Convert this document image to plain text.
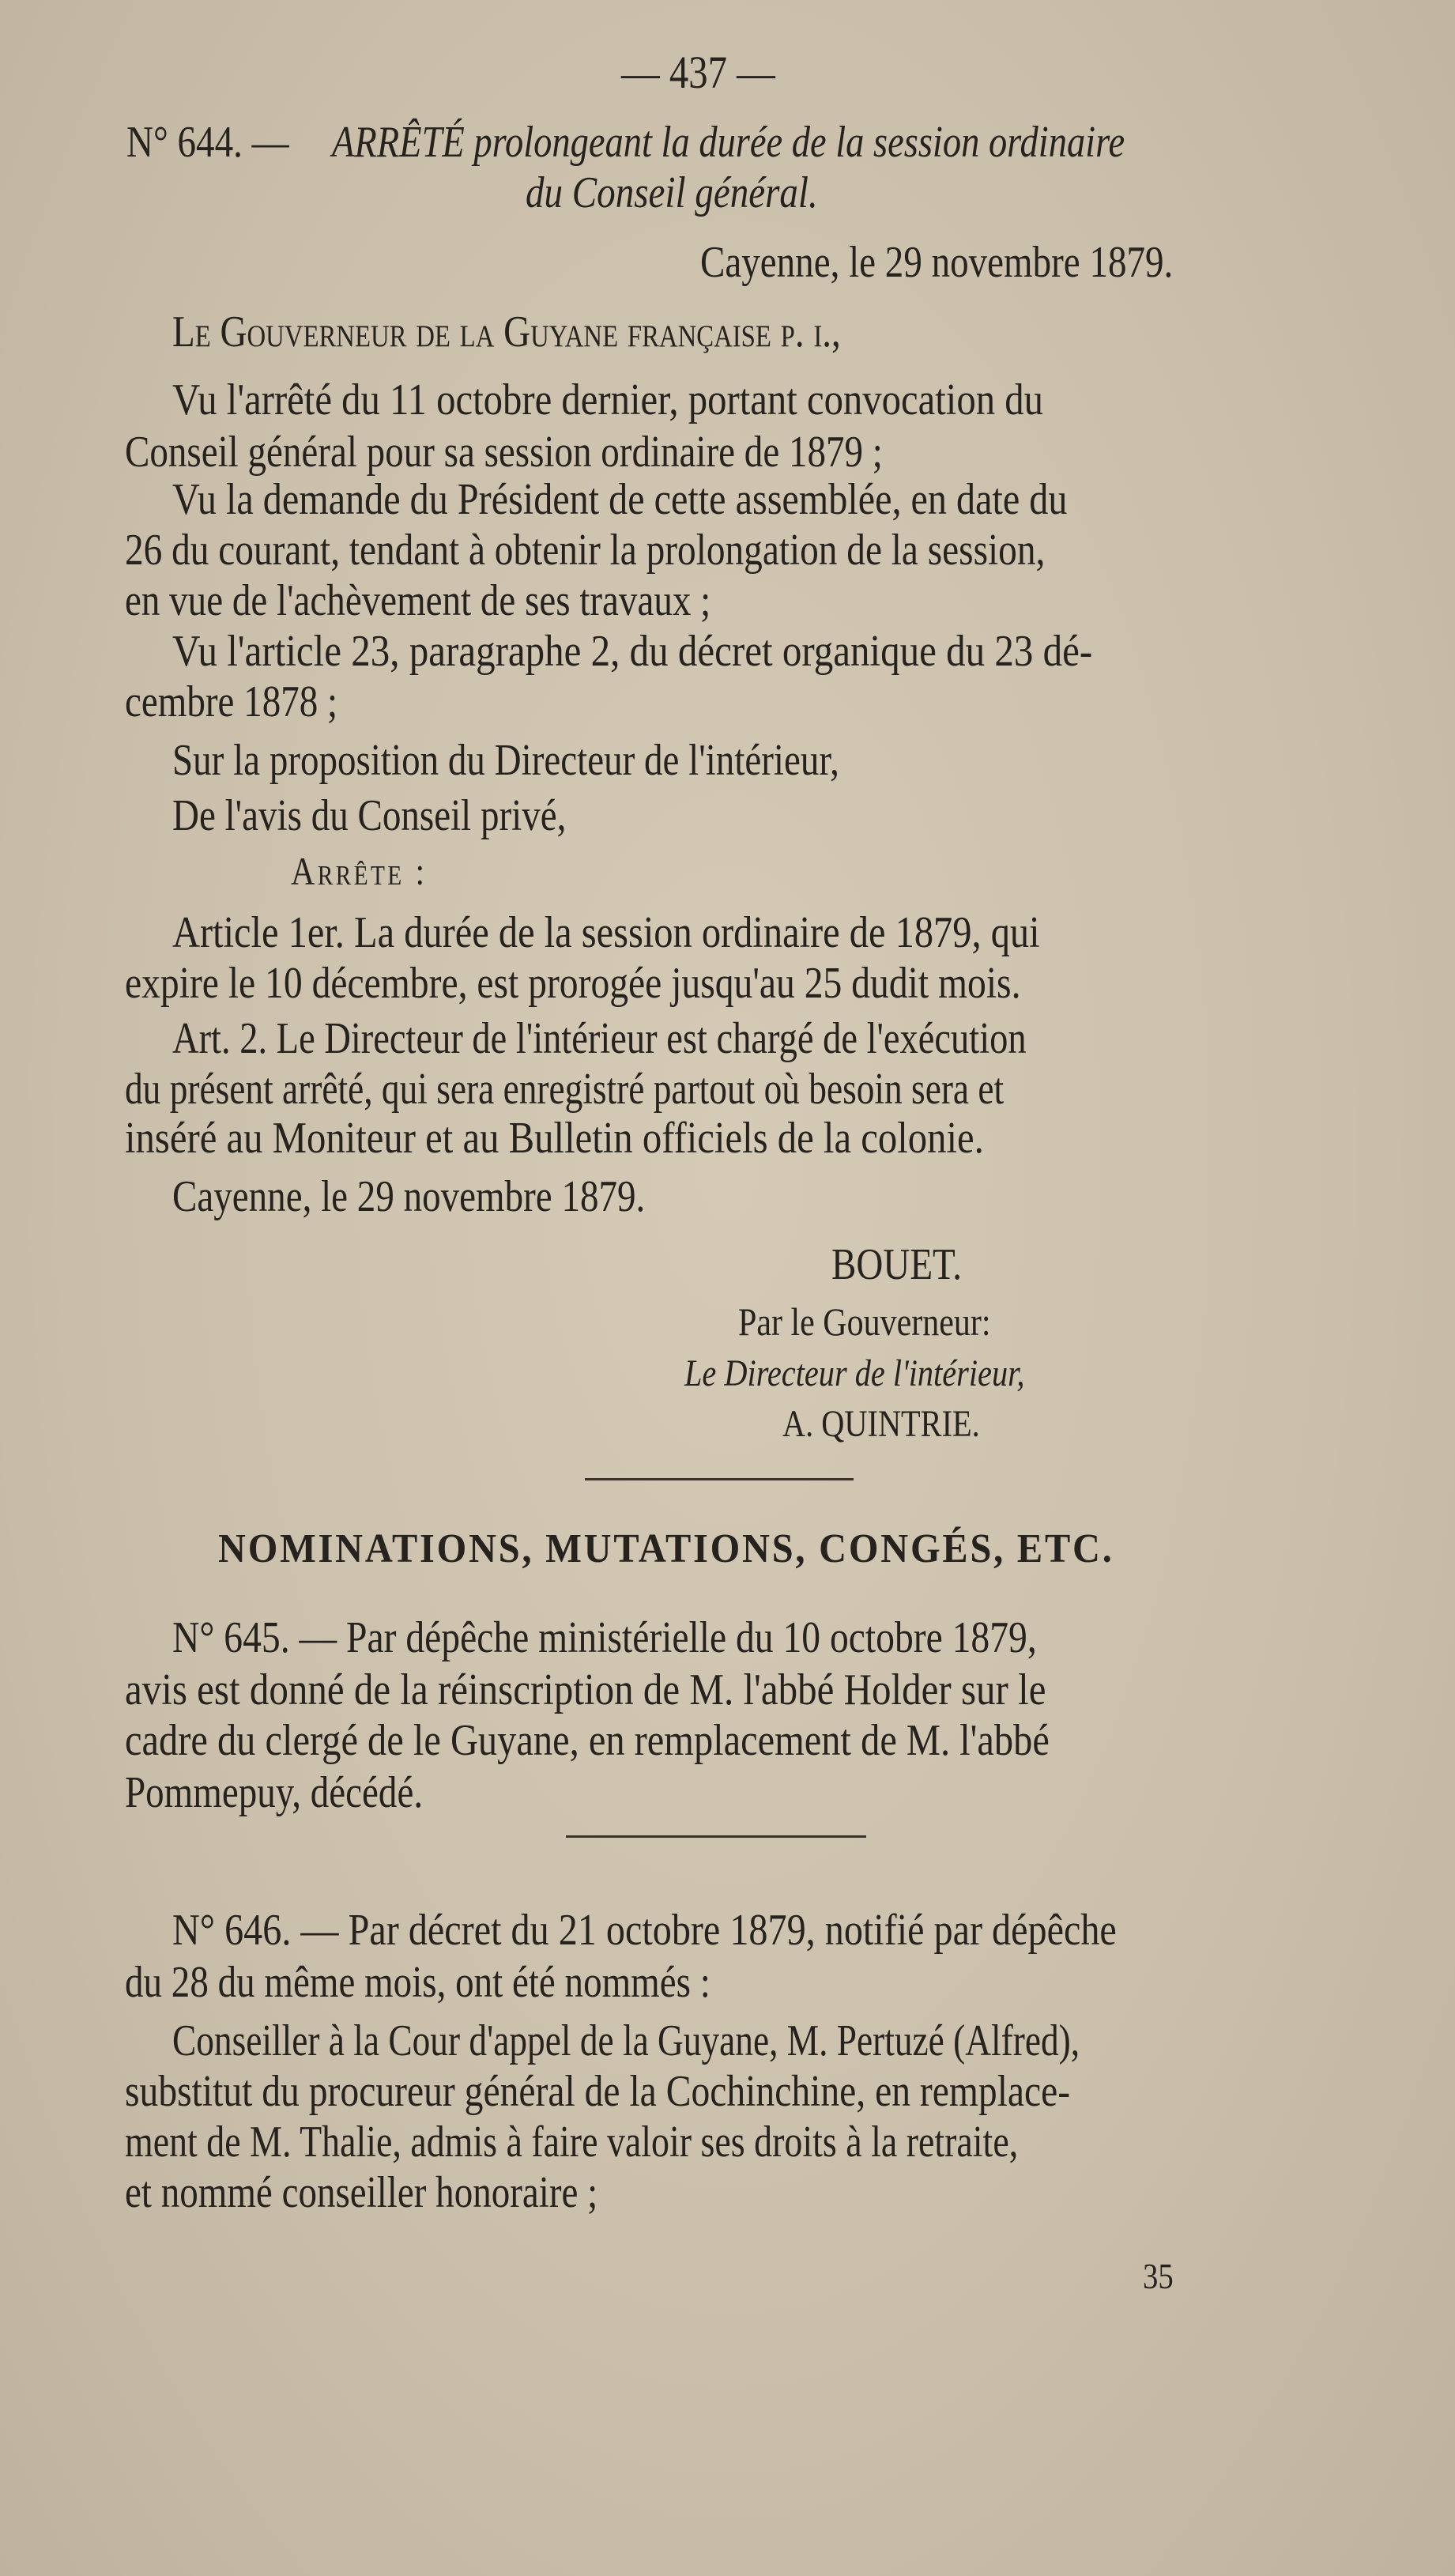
— 437 —
N° 644. — ARRÊTÉ prolongeant la durée de la session ordinaire
du Conseil général.
Cayenne, le 29 novembre 1879.
Le Gouverneur de la Guyane française p. i.,
Vu l'arrêté du 11 octobre dernier, portant convocation du
Conseil général pour sa session ordinaire de 1879 ;
Vu la demande du Président de cette assemblée, en date du
26 du courant, tendant à obtenir la prolongation de la session,
en vue de l'achèvement de ses travaux ;
Vu l'article 23, paragraphe 2, du décret organique du 23 dé-
cembre 1878 ;
Sur la proposition du Directeur de l'intérieur,
De l'avis du Conseil privé,
Arrête :
Article 1er. La durée de la session ordinaire de 1879, qui
expire le 10 décembre, est prorogée jusqu'au 25 dudit mois.
Art. 2. Le Directeur de l'intérieur est chargé de l'exécution
du présent arrêté, qui sera enregistré partout où besoin sera et
inséré au Moniteur et au Bulletin officiels de la colonie.
Cayenne, le 29 novembre 1879.
BOUET.
Par le Gouverneur:
Le Directeur de l'intérieur,
A. QUINTRIE.
NOMINATIONS, MUTATIONS, CONGÉS, ETC.
N° 645. — Par dépêche ministérielle du 10 octobre 1879,
avis est donné de la réinscription de M. l'abbé Holder sur le
cadre du clergé de le Guyane, en remplacement de M. l'abbé
Pommepuy, décédé.
N° 646. — Par décret du 21 octobre 1879, notifié par dépêche
du 28 du même mois, ont été nommés :
Conseiller à la Cour d'appel de la Guyane, M. Pertuzé (Alfred),
substitut du procureur général de la Cochinchine, en remplace-
ment de M. Thalie, admis à faire valoir ses droits à la retraite,
et nommé conseiller honoraire ;
35
